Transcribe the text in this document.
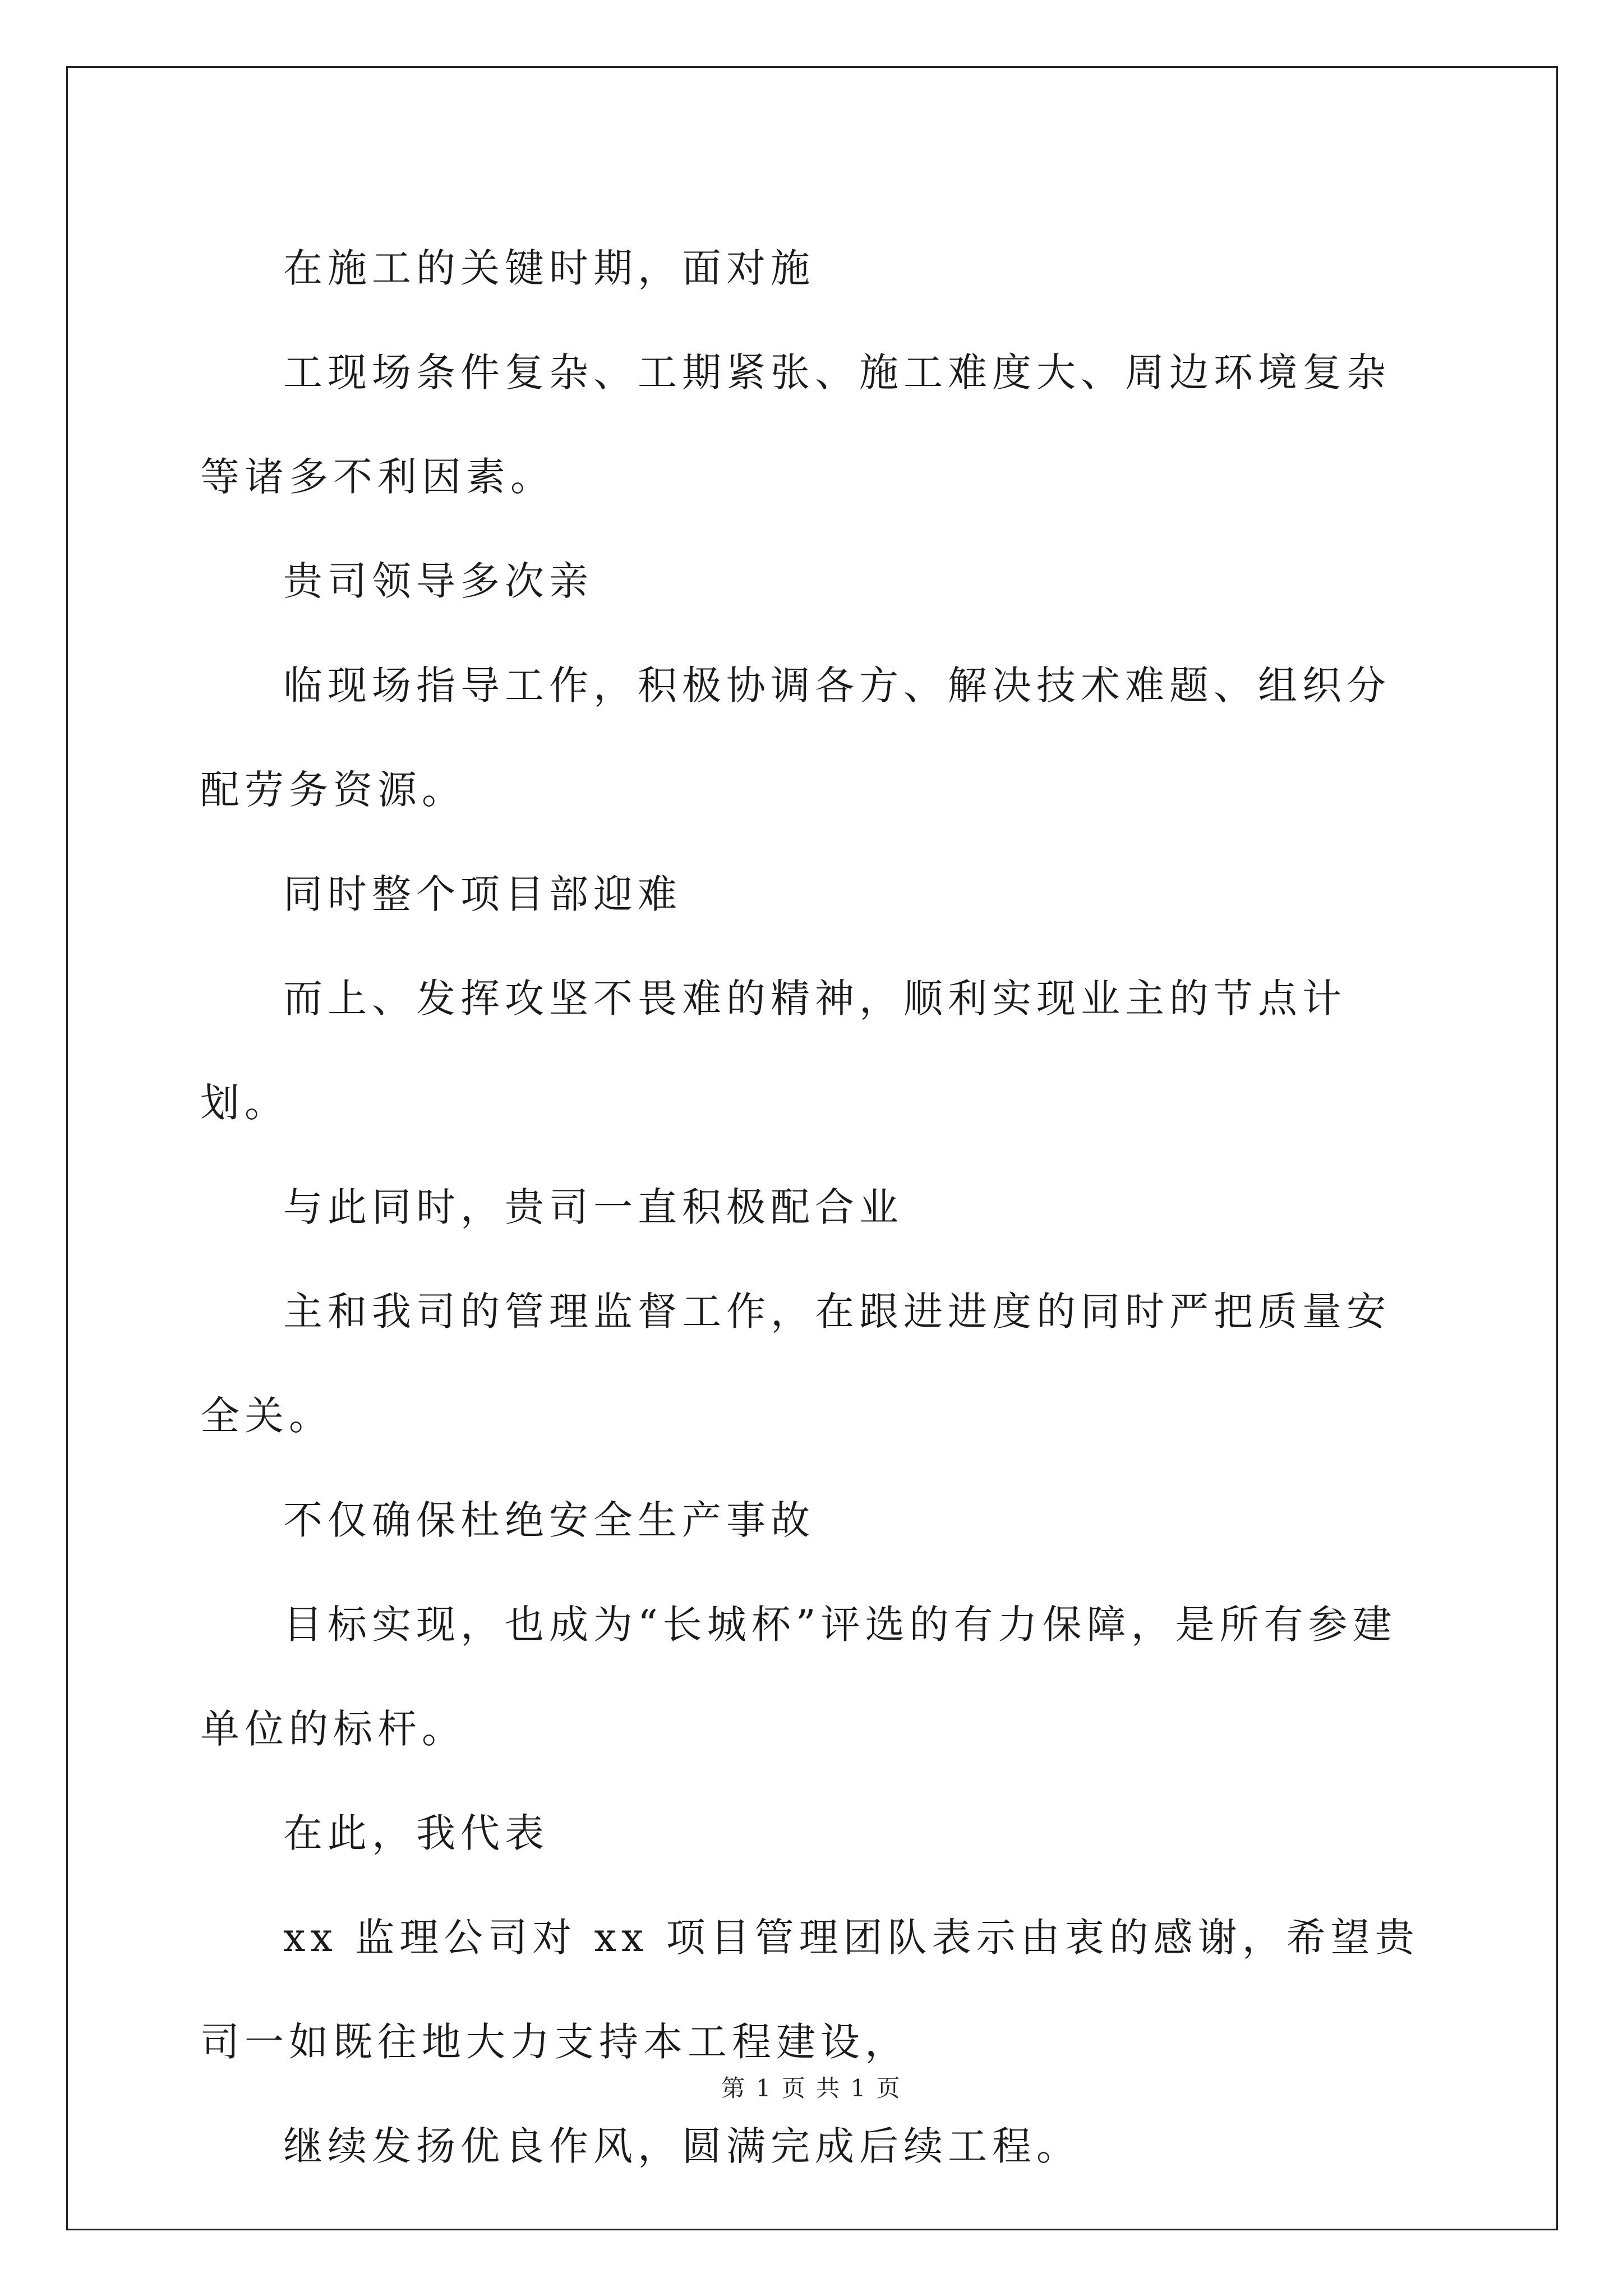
在施工的关键时期，面对施

工现场条件复杂、工期紧张、施工难度大、周边环境复杂等诸多不利因素。

贵司领导多次亲

临现场指导工作，积极协调各方、解决技术难题、组织分配劳务资源。

同时整个项目部迎难

而上、发挥攻坚不畏难的精神，顺利实现业主的节点计划。

与此同时，贵司一直积极配合业

主和我司的管理监督工作，在跟进进度的同时严把质量安全关。

不仅确保杜绝安全生产事故

目标实现，也成为“长城杯”评选的有力保障，是所有参建单位的标杆。

在此，我代表

xx 监理公司对 xx 项目管理团队表示由衷的感谢，希望贵司一如既往地大力支持本工程建设，

继续发扬优良作风，圆满完成后续工程。

第 1 页 共 1 页
